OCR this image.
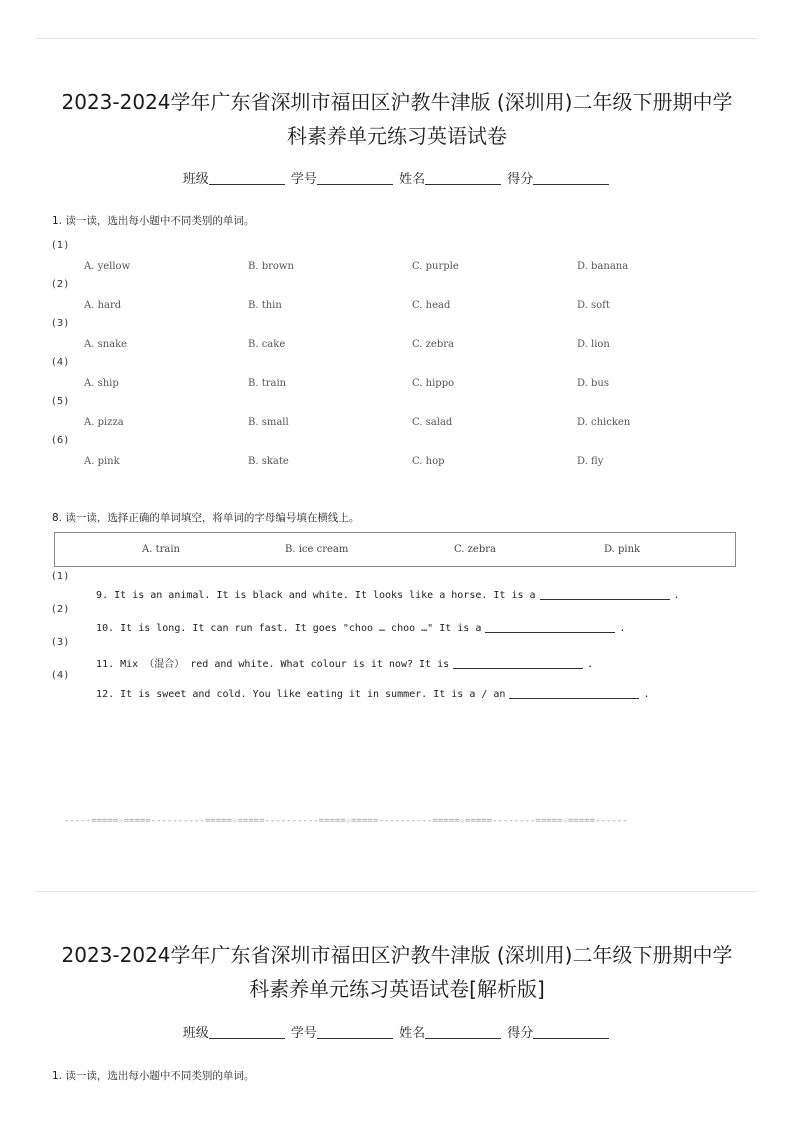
2023-2024学年广东省深圳市福田区沪教牛津版 (深圳用)二年级下册期中学
科素养单元练习英语试卷
班级	学号	姓名	得分
1. 读一读，选出每小题中不同类别的单词。
(1)
A. yellow	B. brown	C. purple	D. banana
(2)
A. hard	B. thin	C. head	D. soft
(3)
A. snake	B. cake	C. zebra	D. lion
(4)
A. ship	B. train	C. hippo	D. bus
(5)
A. pizza	B. small	C. salad	D. chicken
(6)
A. pink	B. skate	C. hop	D. fly
8. 读一读，选择正确的单词填空，将单词的字母编号填在横线上。
A. train	B. ice cream	C. zebra	D. pink
(1)

9. It is an animal. It is black and white. It looks like a horse. It is a	.

(2)

10. It is long. It can run fast. It goes "choo … choo …" It is a	.

(3)

11. Mix （混合） red and white. What colour is it now? It is	.

(4)

12. It is sweet and cold. You like eating it in summer. It is a / an	.

-----=====☆=====----------=====☆=====----------=====☆=====----------=====☆=====--------=====☆=====------
2023-2024学年广东省深圳市福田区沪教牛津版 (深圳用)二年级下册期中学
科素养单元练习英语试卷[解析版]
班级	学号	姓名	得分
1. 读一读，选出每小题中不同类别的单词。
